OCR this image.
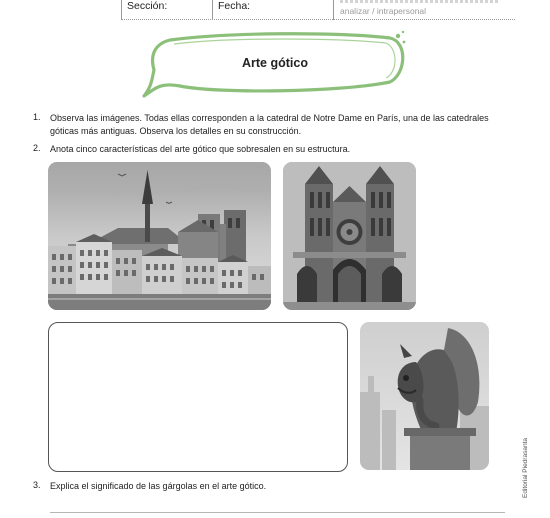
Sección:	Fecha:	analizar / intrapersonal
Arte gótico
1. Observa las imágenes. Todas ellas corresponden a la catedral de Notre Dame en París, una de las catedrales
góticas más antiguas. Observa los detalles en su construcción.
2. Anota cinco características del arte gótico que sobresalen en su estructura.
Editorial Piedrasanta
3. Explica el significado de las gárgolas en el arte gótico.
